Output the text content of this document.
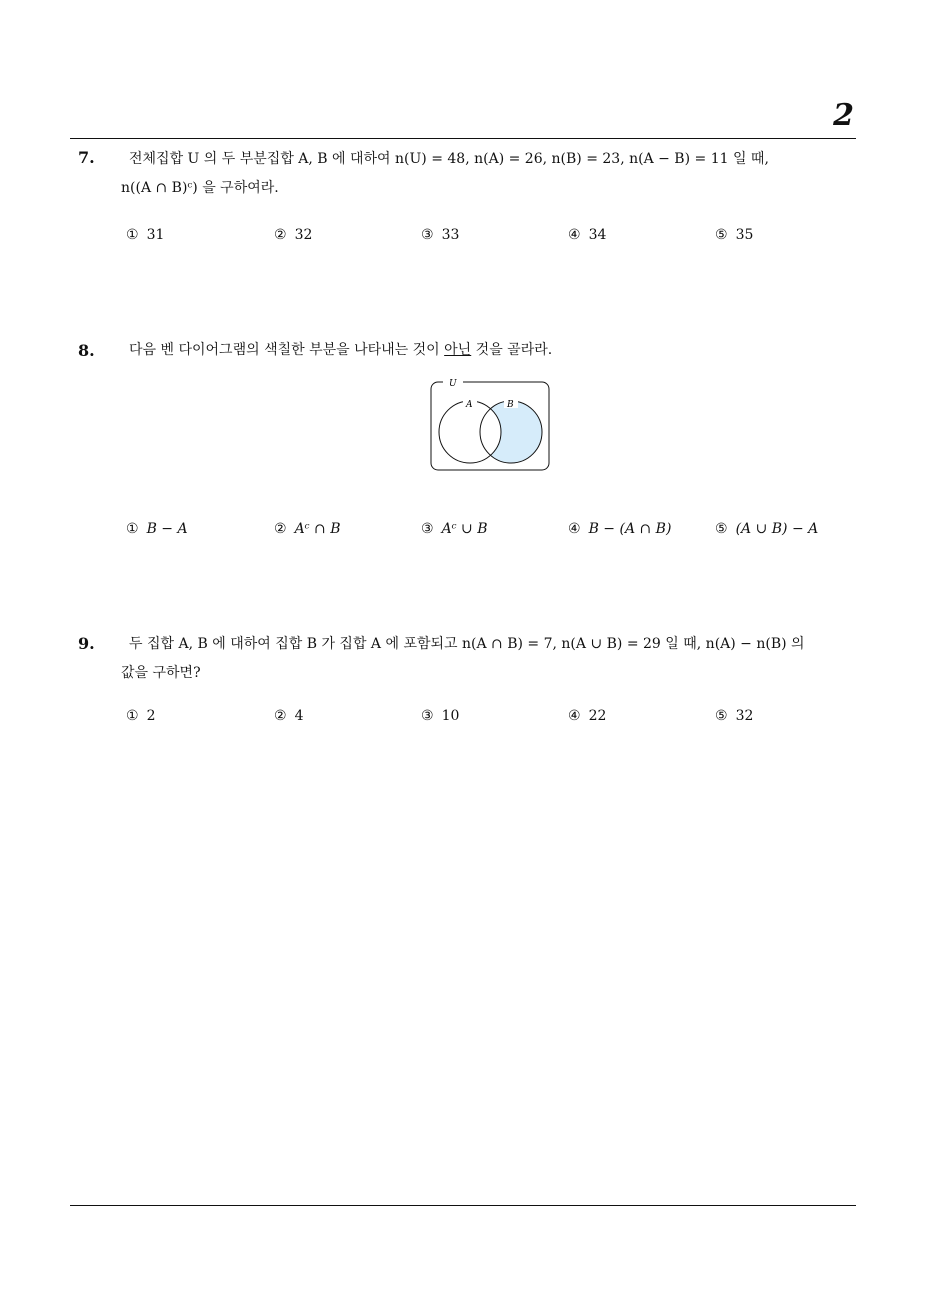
2
7.	전체집합 U 의 두 부분집합 A, B 에 대하여 n(U) = 48, n(A) = 26, n(B) = 23, n(A − B) = 11 일 때,
n((A ∩ B)ᶜ) 을 구하여라.
① 31	② 32	③ 33	④ 34	⑤ 35
8.	다음 벤 다이어그램의 색칠한 부분을 나타내는 것이 아닌 것을 골라라.
U
A	B
① B − A	② Aᶜ ∩ B	③ Aᶜ ∪ B	④ B − (A ∩ B)	⑤ (A ∪ B) − A
9.	두 집합 A, B 에 대하여 집합 B 가 집합 A 에 포함되고 n(A ∩ B) = 7, n(A ∪ B) = 29 일 때, n(A) − n(B) 의
값을 구하면?
① 2	② 4	③ 10	④ 22	⑤ 32
